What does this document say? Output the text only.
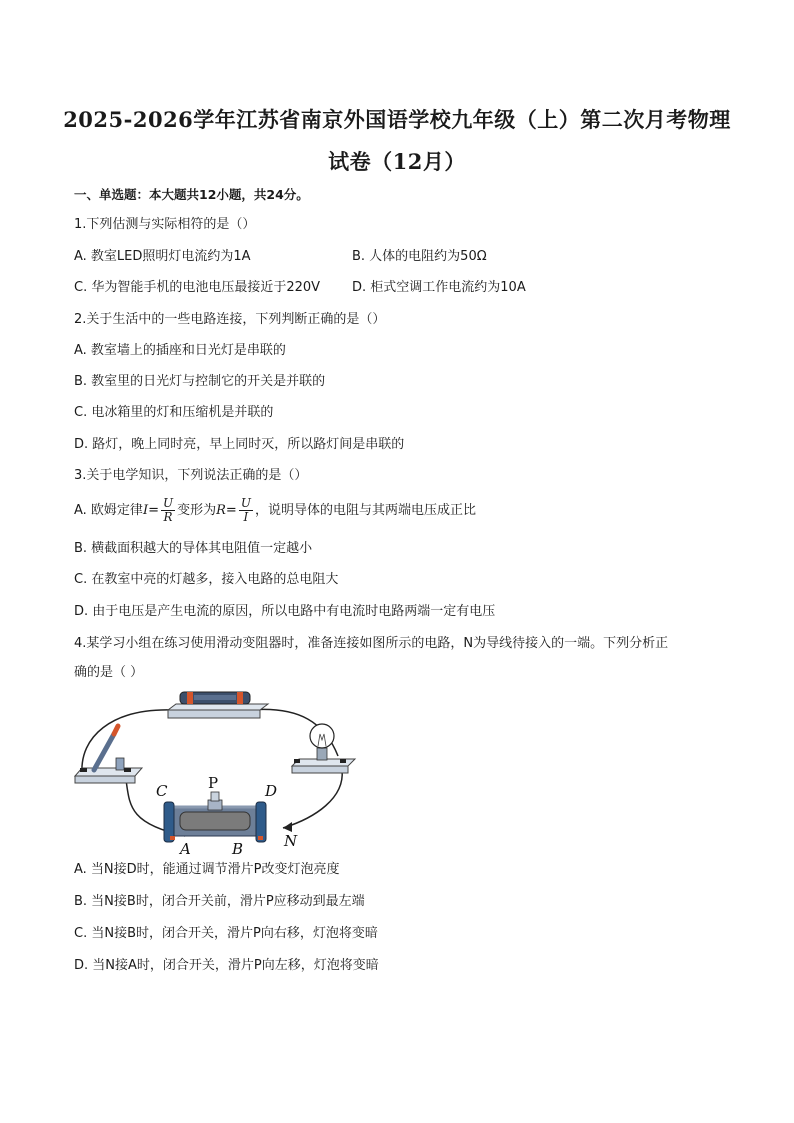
2025-2026学年江苏省南京外国语学校九年级（上）第二次月考物理
试卷（12月）
一、单选题：本大题共12小题，共24分。
1.下列估测与实际相符的是（）
A. 教室LED照明灯电流约为1A	B. 人体的电阻约为50Ω
C. 华为智能手机的电池电压最接近于220V D. 柜式空调工作电流约为10A
2.关于生活中的一些电路连接，下列判断正确的是（）
A. 教室墙上的插座和日光灯是串联的
B. 教室里的日光灯与控制它的开关是并联的
C. 电冰箱里的灯和压缩机是并联的
D. 路灯，晚上同时亮，早上同时灭，所以路灯间是串联的
3.关于电学知识，下列说法正确的是（）
A. 欧姆定律$I= \frac{U}{R}$ 变形为$R= \frac{U}{I}$ ，说明导体的电阻与其两端电压成正比
B. 横截面积越大的导体其电阻值一定越小
C. 在教室中亮的灯越多，接入电路的总电阻大
D. 由于电压是产生电流的原因，所以电路中有电流时电路两端一定有电压
4.某学习小组在练习使用滑动变阻器时，准备连接如图所示的电路，N为导线待接入的一端。下列分析正
确的是（ ）
C	P	D
A	B	N
A. 当N接D时，能通过调节滑片P改变灯泡亮度
B. 当N接B时，闭合开关前，滑片P应移动到最左端
C. 当N接B时，闭合开关，滑片P向右移，灯泡将变暗
D. 当N接A时，闭合开关，滑片P向左移，灯泡将变暗
